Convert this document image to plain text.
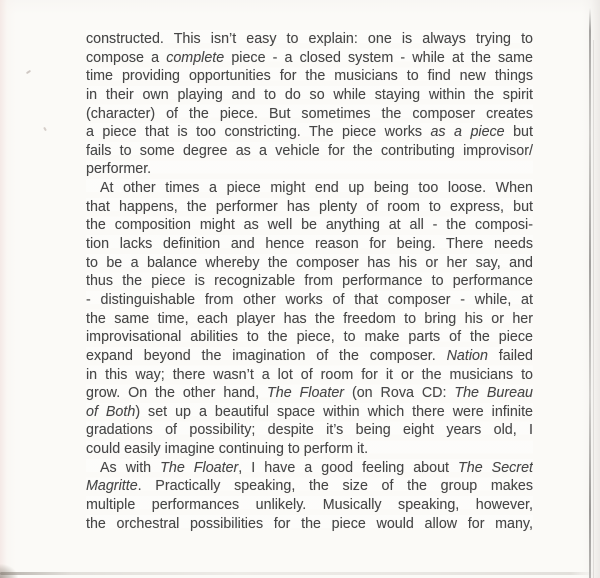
constructed. This isn’t easy to explain: one is always trying to
compose a complete piece - a closed system - while at the same
time providing opportunities for the musicians to find new things
in their own playing and to do so while staying within the spirit
(character) of the piece. But sometimes the composer creates
a piece that is too constricting. The piece works as a piece but
fails to some degree as a vehicle for the contributing improvisor/
performer.
At other times a piece might end up being too loose. When
that happens, the performer has plenty of room to express, but
the composition might as well be anything at all - the composi-
tion lacks definition and hence reason for being. There needs
to be a balance whereby the composer has his or her say, and
thus the piece is recognizable from performance to performance
- distinguishable from other works of that composer - while, at
the same time, each player has the freedom to bring his or her
improvisational abilities to the piece, to make parts of the piece
expand beyond the imagination of the composer. Nation failed
in this way; there wasn’t a lot of room for it or the musicians to
grow. On the other hand, The Floater (on Rova CD: The Bureau
of Both) set up a beautiful space within which there were infinite
gradations of possibility; despite it’s being eight years old, I
could easily imagine continuing to perform it.
As with The Floater, I have a good feeling about The Secret
Magritte. Practically speaking, the size of the group makes
multiple performances unlikely. Musically speaking, however,
the orchestral possibilities for the piece would allow for many,
